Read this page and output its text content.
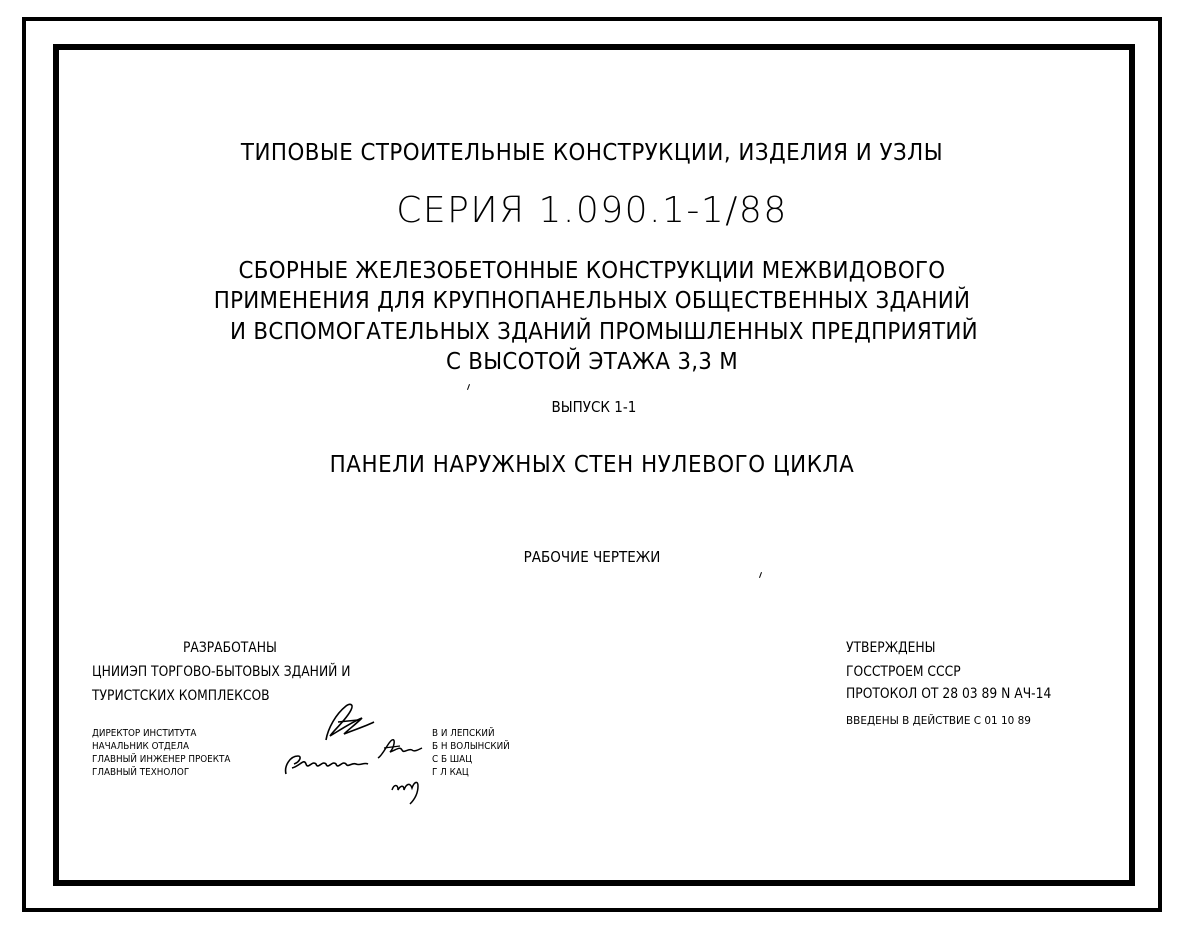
ТИПОВЫЕ СТРОИТЕЛЬНЫЕ КОНСТРУКЦИИ, ИЗДЕЛИЯ И УЗЛЫ
СЕРИЯ 1.090.1-1/88
СБОРНЫЕ ЖЕЛЕЗОБЕТОННЫЕ КОНСТРУКЦИИ МЕЖВИДОВОГО
ПРИМЕНЕНИЯ ДЛЯ КРУПНОПАНЕЛЬНЫХ ОБЩЕСТВЕННЫХ ЗДАНИЙ
И ВСПОМОГАТЕЛЬНЫХ ЗДАНИЙ ПРОМЫШЛЕННЫХ ПРЕДПРИЯТИЙ
С ВЫСОТОЙ ЭТАЖА 3,3 М
ВЫПУСК 1-1
ПАНЕЛИ НАРУЖНЫХ СТЕН НУЛЕВОГО ЦИКЛА
РАБОЧИЕ ЧЕРТЕЖИ
РАЗРАБОТАНЫ
ЦНИИЭП ТОРГОВО-БЫТОВЫХ ЗДАНИЙ И
ТУРИСТСКИХ КОМПЛЕКСОВ
ДИРЕКТОР ИНСТИТУТА
НАЧАЛЬНИК ОТДЕЛА
ГЛАВНЫЙ ИНЖЕНЕР ПРОЕКТА
ГЛАВНЫЙ ТЕХНОЛОГ
В И ЛЕПСКИЙ
Б Н ВОЛЫНСКИЙ
С Б ШАЦ
Г Л КАЦ
УТВЕРЖДЕНЫ
ГОССТРОЕМ СССР
ПРОТОКОЛ ОТ 28 03 89 N АЧ-14
ВВЕДЕНЫ В ДЕЙСТВИЕ С 01 10 89
